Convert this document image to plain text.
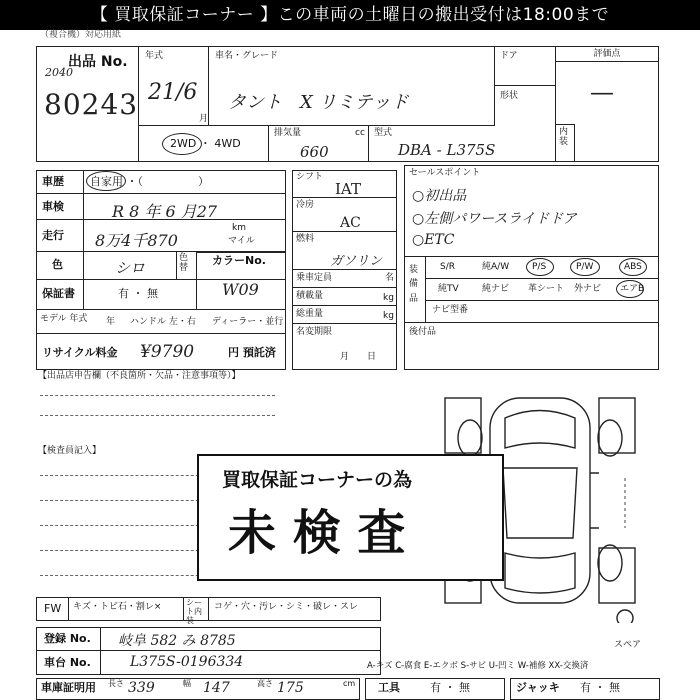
【 買取保証コーナー 】この車両の土曜日の搬出受付は18:00まで
（複合機）対応用紙
出品 No.
2040
80243
年式
21/6
月
車名・グレード
タント　X リミテッド
ドア
形状
評価点
—
内装
2WD ・ 4WD
排気量	cc
660
型式
DBA - L375S
車歴 自家用 ・（　　　　　）
車検	R 8 年 6 月27
走行 8万4千870
km
マイル
色	シロ
色替
保証書	有 ・ 無
モデル 年式 年 ハンドル 左・右 ディーラー・並行
カラーNo.
W09
リサイクル料金 ¥9790	円 預託済
シフト
IAT
冷房
AC
燃料
ガソリン
乗車定員	名
積載量	kg
総重量	kg
名変期限
月　　日
セールスポイント
○初出品
○左側パワースライドドア
○ETC
装備品
S/R	純A/W	P/S	P/W	ABS
純TV	純ナビ 革シート 外ナビ エアB
ナビ型番
後付品
【出品店申告欄（不良箇所・欠品・注意事項等）】
【検査員記入】
スペア
買取保証コーナーの為
未 検 査
FW	キズ・トビ石・割レ×	シート内装
コゲ・穴・汚レ・シミ・破レ・スレ
登録 No. 岐阜 582 み 8785
車台 No.	L375S-0196334
車庫証明用 長さ 339	幅 147	高さ 175	cm 工具	有 ・ 無	ジャッキ 有 ・ 無
A-キズ C-腐食 E-エクボ S-サビ U-凹ミ W-補修 XX-交換済
